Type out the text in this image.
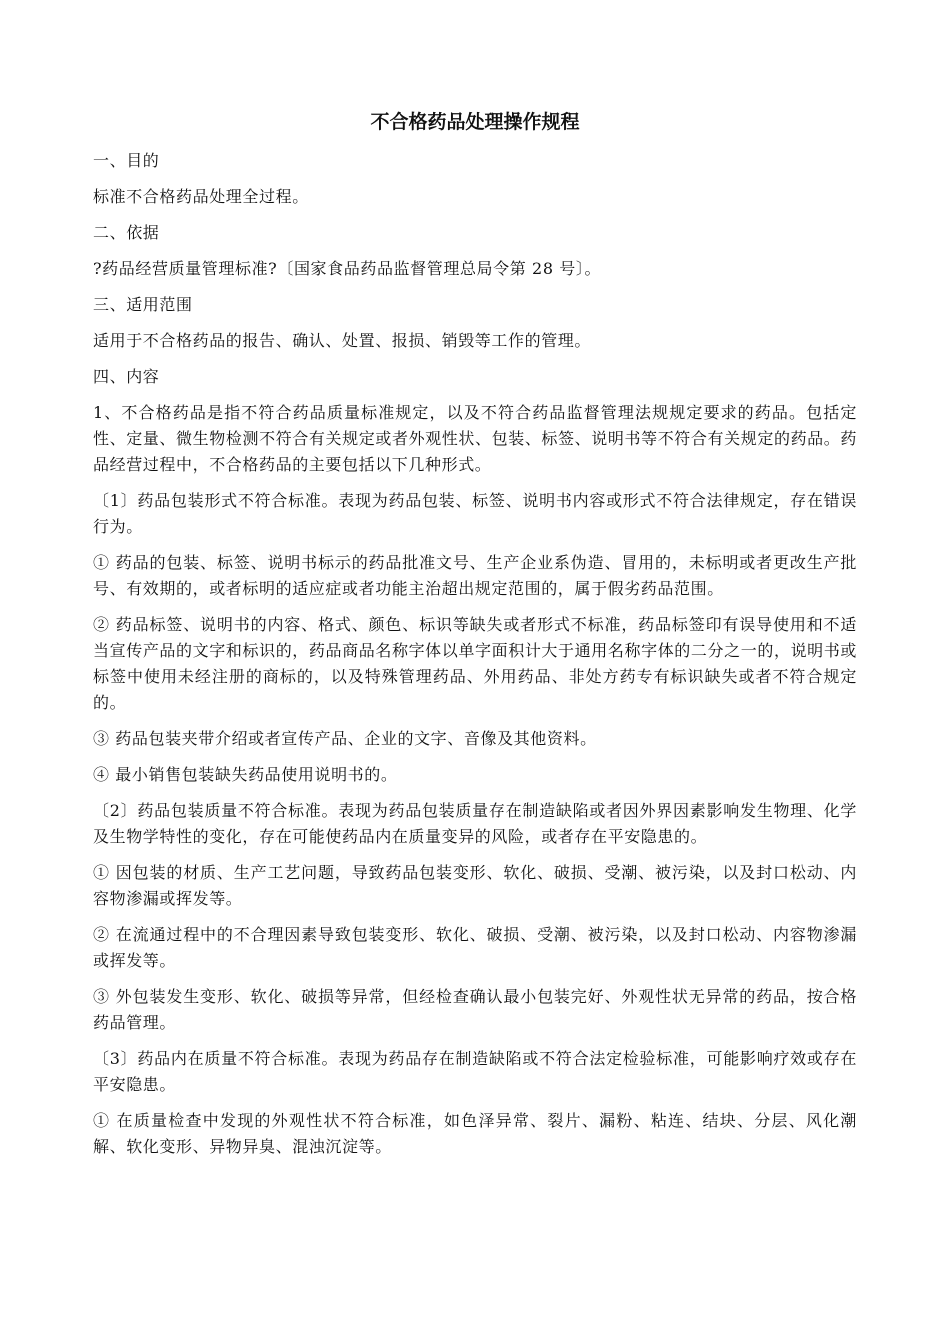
不合格药品处理操作规程

一、目的

标准不合格药品处理全过程。

二、依据

?药品经营质量管理标准?〔国家食品药品监督管理总局令第 28 号〕。

三、适用范围

适用于不合格药品的报告、确认、处置、报损、销毁等工作的管理。

四、内容

1、不合格药品是指不符合药品质量标准规定，以及不符合药品监督管理法规规定要求的药品。包括定性、定量、微生物检测不符合有关规定或者外观性状、包装、标签、说明书等不符合有关规定的药品。药品经营过程中，不合格药品的主要包括以下几种形式。

〔1〕药品包装形式不符合标准。表现为药品包装、标签、说明书内容或形式不符合法律规定，存在错误行为。

① 药品的包装、标签、说明书标示的药品批准文号、生产企业系伪造、冒用的，未标明或者更改生产批号、有效期的，或者标明的适应症或者功能主治超出规定范围的，属于假劣药品范围。

② 药品标签、说明书的内容、格式、颜色、标识等缺失或者形式不标准，药品标签印有误导使用和不适当宣传产品的文字和标识的，药品商品名称字体以单字面积计大于通用名称字体的二分之一的，说明书或标签中使用未经注册的商标的，以及特殊管理药品、外用药品、非处方药专有标识缺失或者不符合规定的。

③ 药品包装夹带介绍或者宣传产品、企业的文字、音像及其他资料。

④ 最小销售包装缺失药品使用说明书的。

〔2〕药品包装质量不符合标准。表现为药品包装质量存在制造缺陷或者因外界因素影响发生物理、化学及生物学特性的变化，存在可能使药品内在质量变异的风险，或者存在平安隐患的。

① 因包装的材质、生产工艺问题，导致药品包装变形、软化、破损、受潮、被污染，以及封口松动、内容物渗漏或挥发等。

② 在流通过程中的不合理因素导致包装变形、软化、破损、受潮、被污染，以及封口松动、内容物渗漏或挥发等。

③ 外包装发生变形、软化、破损等异常，但经检查确认最小包装完好、外观性状无异常的药品，按合格药品管理。

〔3〕药品内在质量不符合标准。表现为药品存在制造缺陷或不符合法定检验标准，可能影响疗效或存在平安隐患。

① 在质量检查中发现的外观性状不符合标准，如色泽异常、裂片、漏粉、粘连、结块、分层、风化潮解、软化变形、异物异臭、混浊沉淀等。
